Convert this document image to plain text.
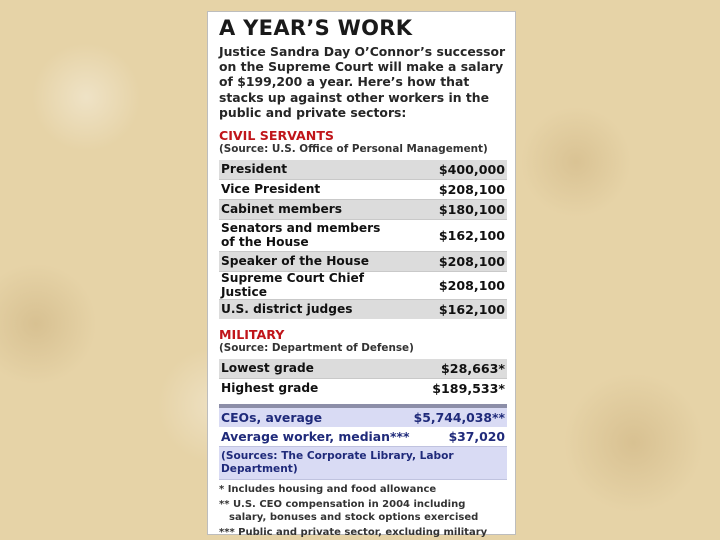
A YEAR’S WORK
Justice Sandra Day O’Connor’s successor on the Supreme Court will make a salary of $199,200 a year. Here’s how that stacks up against other workers in the public and private sectors:
CIVIL SERVANTS
(Source: U.S. Office of Personal Management)
President	$400,000
Vice President	$208,100
Cabinet members	$180,100
Senators and members of the House	$162,100
Speaker of the House	$208,100
Supreme Court Chief Justice	$208,100
U.S. district judges	$162,100
MILITARY
(Source: Department of Defense)
Lowest grade	$28,663*
Highest grade	$189,533*
CEOs, average	$5,744,038**
Average worker, median***	$37,020
(Sources: The Corporate Library, Labor Department)

* Includes housing and food allowance

** U.S. CEO compensation in 2004 including
salary, bonuses and stock options exercised

*** Public and private sector, excluding military
